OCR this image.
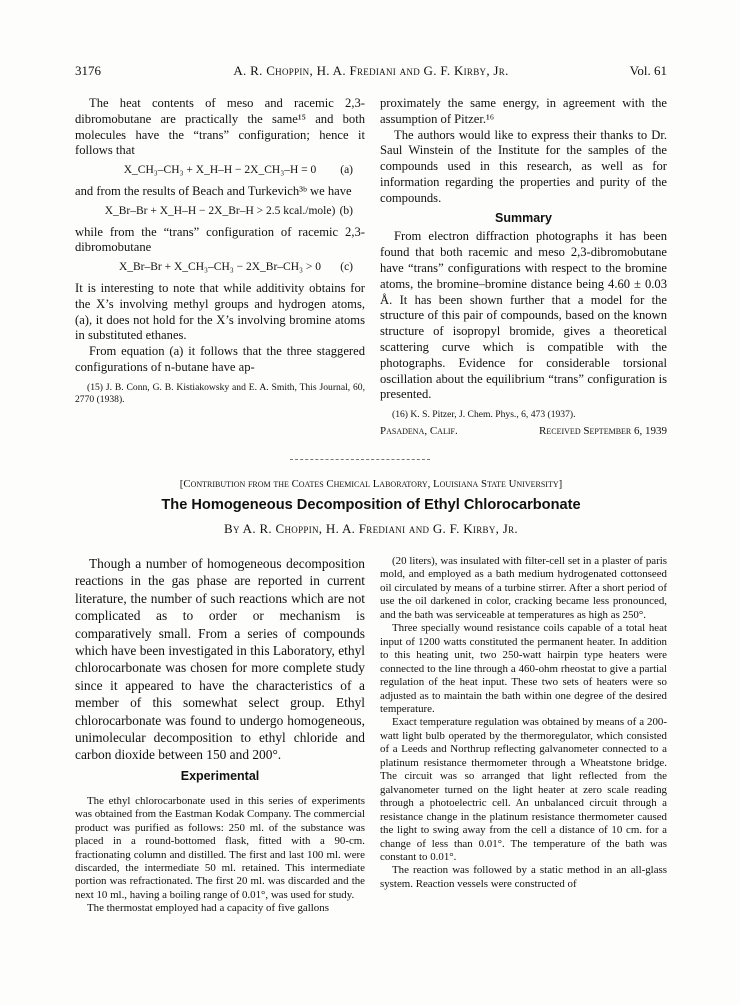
3176	A. R. Choppin, H. A. Frediani and G. F. Kirby, Jr.	Vol. 61

The heat contents of meso and racemic 2,3-dibromobutane are practically the same¹⁵ and both molecules have the “trans” configuration; hence it follows that

X_CH₃–CH₃ + X_H–H − 2X_CH₃–H = 0 (a)

and from the results of Beach and Turkevich³ᵇ we have

X_Br–Br + X_H–H − 2X_Br–H > 2.5 kcal./mole) (b)

while from the “trans” configuration of racemic 2,3-dibromobutane

X_Br–Br + X_CH₃–CH₃ − 2X_Br–CH₃ > 0 (c)

It is interesting to note that while additivity obtains for the X’s involving methyl groups and hydrogen atoms, (a), it does not hold for the X’s involving bromine atoms in substituted ethanes.

From equation (a) it follows that the three staggered configurations of n-butane have ap-

(15) J. B. Conn, G. B. Kistiakowsky and E. A. Smith, This Journal, 60, 2770 (1938).

proximately the same energy, in agreement with the assumption of Pitzer.¹⁶

The authors would like to express their thanks to Dr. Saul Winstein of the Institute for the samples of the compounds used in this research, as well as for information regarding the properties and purity of the compounds.

Summary

From electron diffraction photographs it has been found that both racemic and meso 2,3-dibromobutane have “trans” configurations with respect to the bromine atoms, the bromine–bromine distance being 4.60 ± 0.03 Å. It has been shown further that a model for the structure of this pair of compounds, based on the known structure of isopropyl bromide, gives a theoretical scattering curve which is compatible with the photographs. Evidence for considerable torsional oscillation about the equilibrium “trans” configuration is presented.

(16) K. S. Pitzer, J. Chem. Phys., 6, 473 (1937).
Pasadena, Calif.	Received September 6, 1939
[Contribution from the Coates Chemical Laboratory, Louisiana State University]
The Homogeneous Decomposition of Ethyl Chlorocarbonate
By A. R. Choppin, H. A. Frediani and G. F. Kirby, Jr.

Though a number of homogeneous decomposition reactions in the gas phase are reported in current literature, the number of such reactions which are not complicated as to order or mechanism is comparatively small. From a series of compounds which have been investigated in this Laboratory, ethyl chlorocarbonate was chosen for more complete study since it appeared to have the characteristics of a member of this somewhat select group. Ethyl chlorocarbonate was found to undergo homogeneous, unimolecular decomposition to ethyl chloride and carbon dioxide between 150 and 200°.

Experimental

The ethyl chlorocarbonate used in this series of experiments was obtained from the Eastman Kodak Company. The commercial product was purified as follows: 250 ml. of the substance was placed in a round-bottomed flask, fitted with a 90-cm. fractionating column and distilled. The first and last 100 ml. were discarded, the intermediate 50 ml. retained. This intermediate portion was refractionated. The first 20 ml. was discarded and the next 10 ml., having a boiling range of 0.01°, was used for study.

The thermostat employed had a capacity of five gallons

(20 liters), was insulated with filter-cell set in a plaster of paris mold, and employed as a bath medium hydrogenated cottonseed oil circulated by means of a turbine stirrer. After a short period of use the oil darkened in color, cracking became less pronounced, and the bath was serviceable at temperatures as high as 250°.

Three specially wound resistance coils capable of a total heat input of 1200 watts constituted the permanent heater. In addition to this heating unit, two 250-watt hairpin type heaters were connected to the line through a 460-ohm rheostat to give a partial regulation of the heat input. These two sets of heaters were so adjusted as to maintain the bath within one degree of the desired temperature.

Exact temperature regulation was obtained by means of a 200-watt light bulb operated by the thermoregulator, which consisted of a Leeds and Northrup reflecting galvanometer connected to a platinum resistance thermometer through a Wheatstone bridge. The circuit was so arranged that light reflected from the galvanometer turned on the light heater at zero scale reading through a photoelectric cell. An unbalanced circuit through a resistance change in the platinum resistance thermometer caused the light to swing away from the cell a distance of 10 cm. for a change of less than 0.01°. The temperature of the bath was constant to 0.01°.

The reaction was followed by a static method in an all-glass system. Reaction vessels were constructed of
